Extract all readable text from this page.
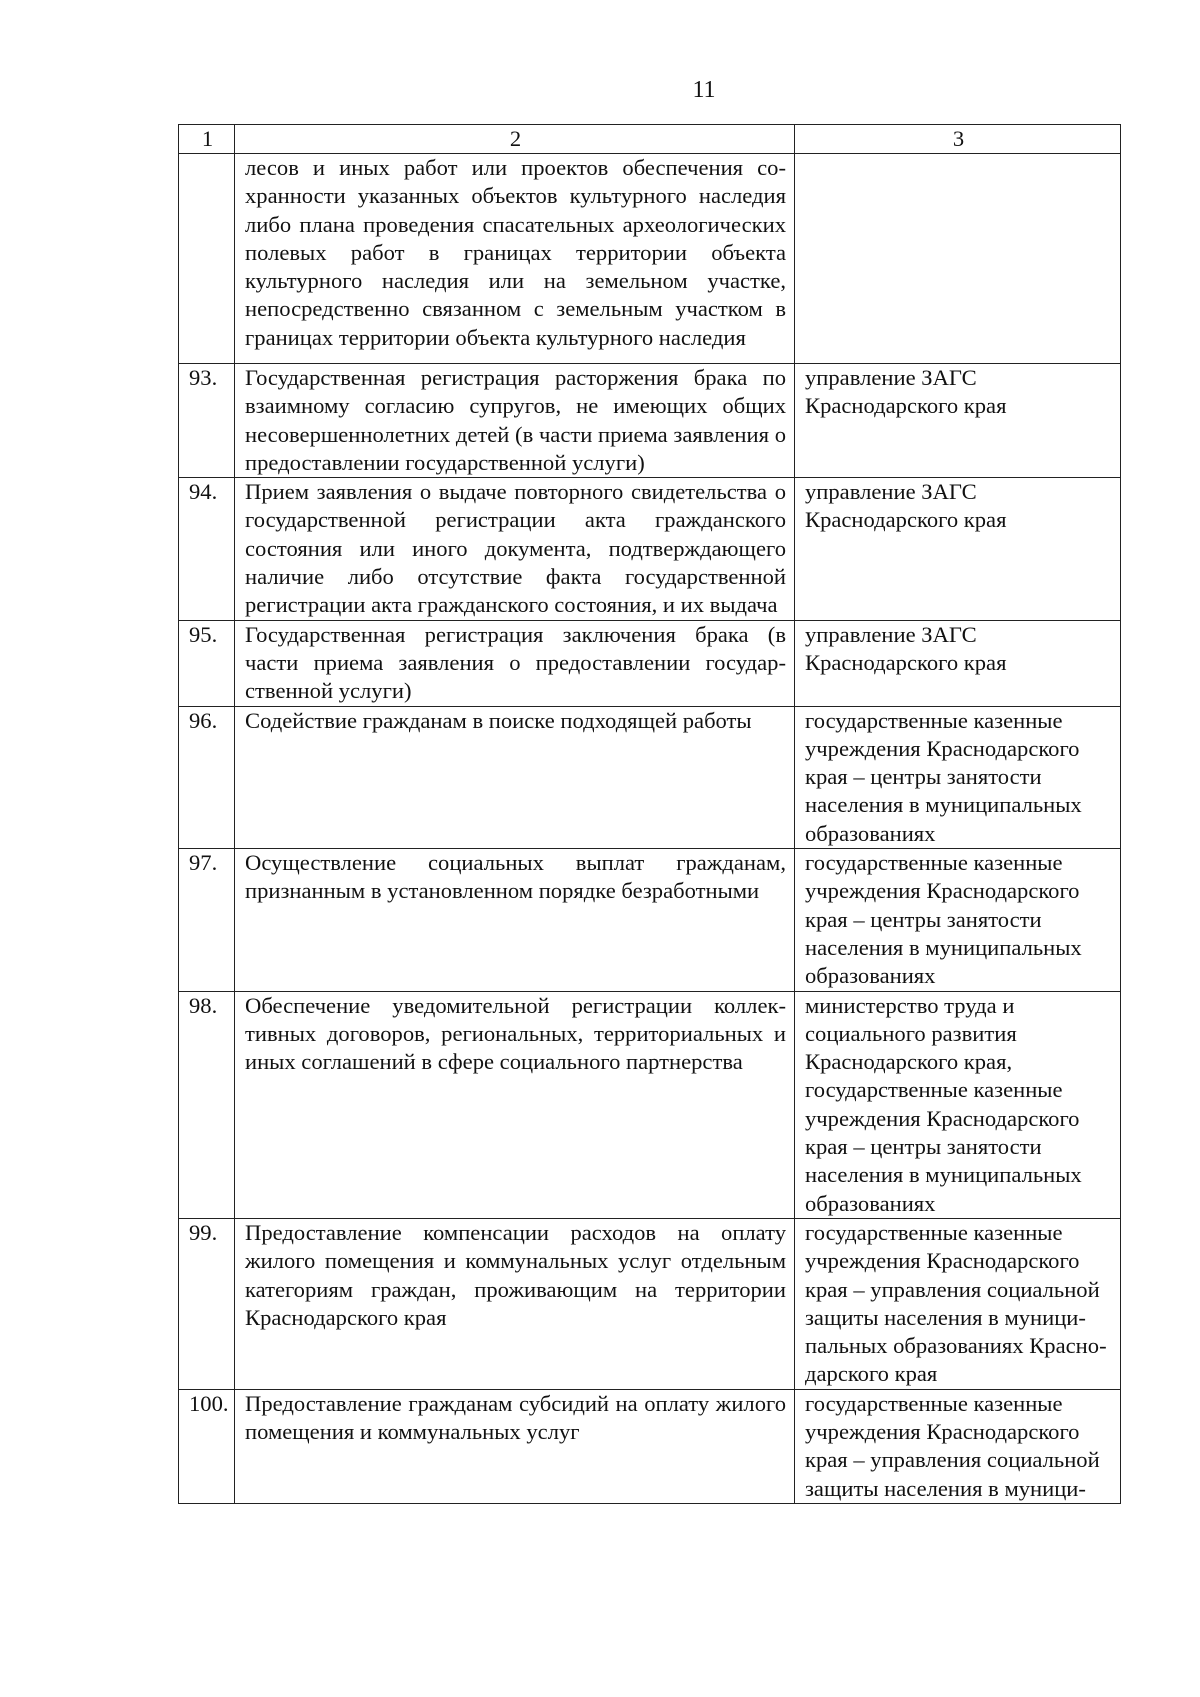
11
1	2	3
	лесов и иных работ или проектов обеспечения сохранности указанных объектов культурного наследия либо плана проведения спасательных археологических полевых работ в границах территории объекта культурного наследия или на земельном участке, непосредственно связанном с земельным участком в границах территории объекта культурного наследия	
93.	Государственная регистрация расторжения брака по взаимному согласию супругов, не имеющих общих несовершеннолетних детей (в части приема заявления о предоставлении государственной услуги)	управление ЗАГС Краснодарского края
94.	Прием заявления о выдаче повторного свидетельства о государственной регистрации акта гражданского состояния или иного документа, подтверждающего наличие либо отсутствие факта государственной регистрации акта гражданского состояния, и их выдача	управление ЗАГС Краснодарского края
95.	Государственная регистрация заключения брака (в части приема заявления о предоставлении государственной услуги)	управление ЗАГС Краснодарского края
96.	Содействие гражданам в поиске подходящей работы	государственные казенные учреждения Краснодарского края – центры занятости населения в муниципальных образованиях
97.	Осуществление социальных выплат гражданам, признанным в установленном порядке безработными	государственные казенные учреждения Краснодарского края – центры занятости населения в муниципальных образованиях
98.	Обеспечение уведомительной регистрации коллективных договоров, региональных, территориальных и иных соглашений в сфере социального партнерства	министерство труда и социального развития Краснодарского края, государственные казенные учреждения Краснодарского края – центры занятости населения в муниципальных образованиях
99.	Предоставление компенсации расходов на оплату жилого помещения и коммунальных услуг отдельным категориям граждан, проживающим на территории Краснодарского края	государственные казенные учреждения Краснодарского края – управления социальной защиты населения в муниципальных образованиях Краснодарского края
100.	Предоставление гражданам субсидий на оплату жилого помещения и коммунальных услуг	государственные казенные учреждения Краснодарского края – управления социальной защиты населения в муници-
